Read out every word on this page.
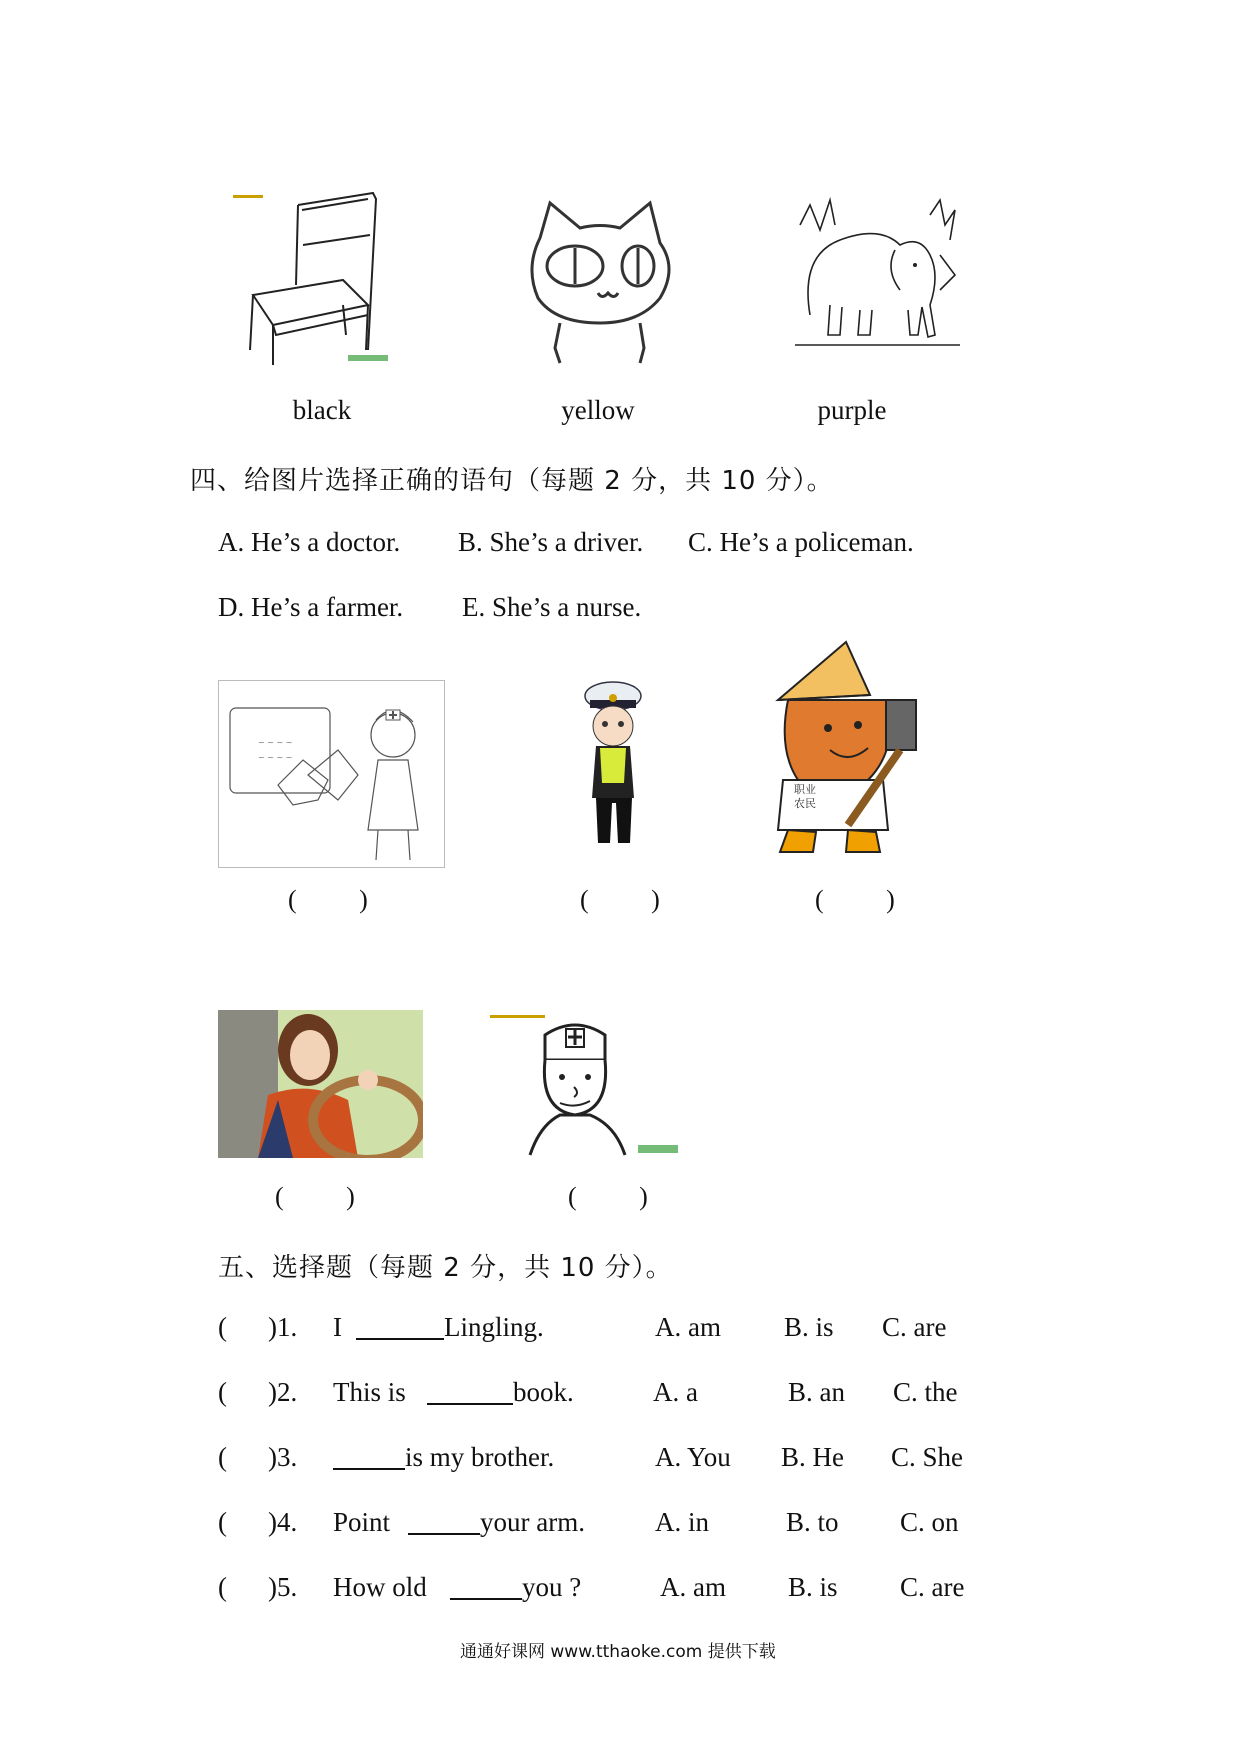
black	yellow	purple
四、给图片选择正确的语句（每题 2 分，共 10 分）。
A. He’s a doctor. B. She’s a driver. C. He’s a policeman.
D. He’s a farmer. E. She’s a nurse.
~ ~ ~ ~
~ ~ ~ ~
职业
农民
( )	( )	( )
( )	( )
五、选择题（每题 2 分，共 10 分）。
( )1. I	Lingling.	A. am B. is C. are
( )2. This is	book.	A. a	B. an C. the
( )3.	is my brother.	A. You B. He C. She
( )4. Point	your arm.	A. in	B. to C. on
( )5. How old	you ?	A. am B. is C. are
通通好课网 www.tthaoke.com 提供下载
